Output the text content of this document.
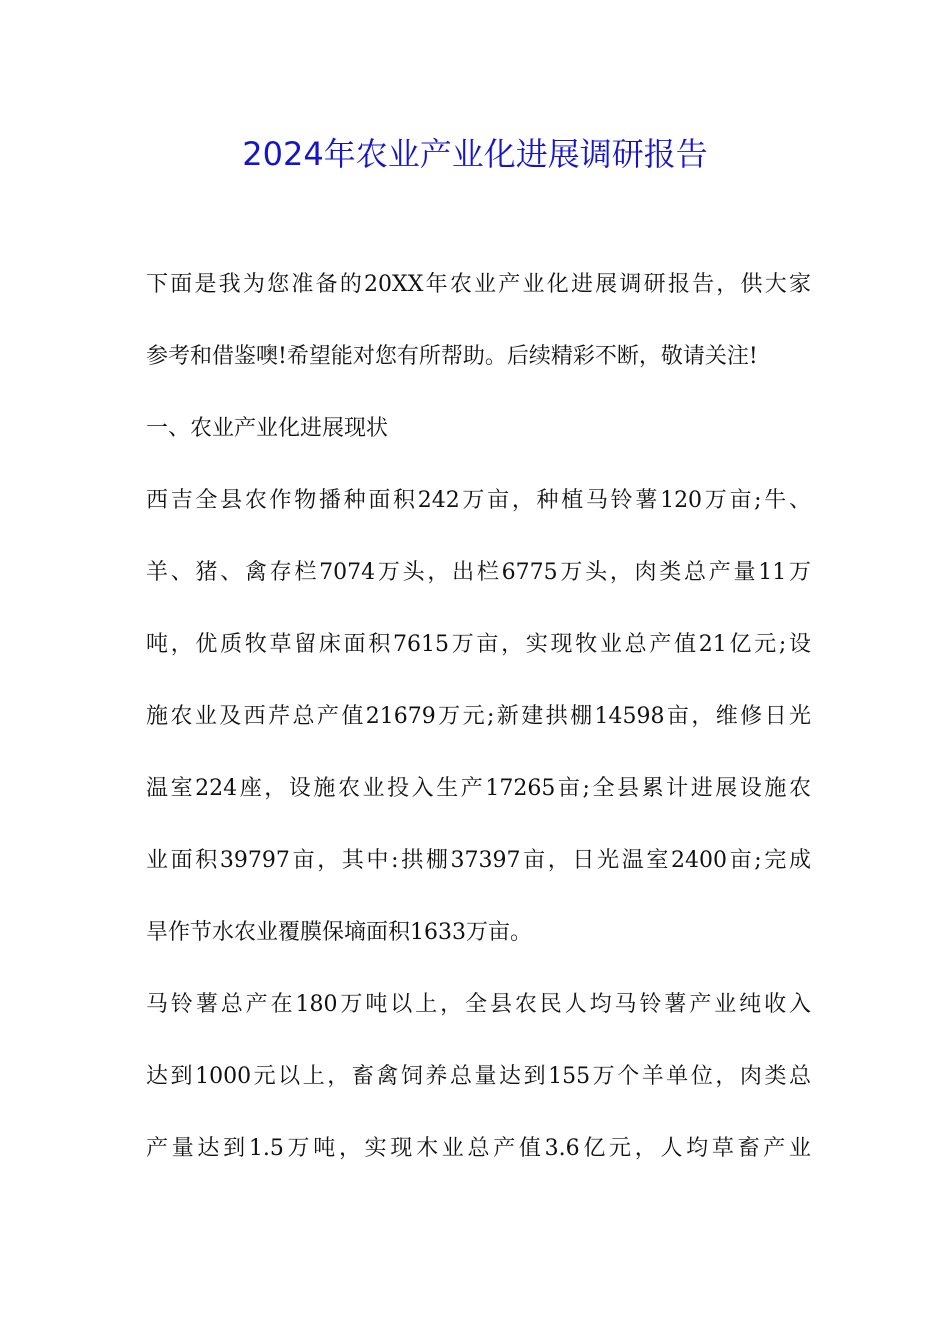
2024年农业产业化进展调研报告
下面是我为您准备的20XX年农业产业化进展调研报告，供大家
参考和借鉴噢!希望能对您有所帮助。后续精彩不断，敬请关注!
一、农业产业化进展现状
西吉全县农作物播种面积242万亩，种植马铃薯120万亩;牛、
羊、猪、禽存栏7074万头，出栏6775万头，肉类总产量11万
吨，优质牧草留床面积7615万亩，实现牧业总产值21亿元;设
施农业及西芹总产值21679万元;新建拱棚14598亩，维修日光
温室224座，设施农业投入生产17265亩;全县累计进展设施农
业面积39797亩，其中:拱棚37397亩，日光温室2400亩;完成
旱作节水农业覆膜保墒面积1633万亩。
马铃薯总产在180万吨以上，全县农民人均马铃薯产业纯收入
达到1000元以上，畜禽饲养总量达到155万个羊单位，肉类总
产量达到1.5万吨，实现木业总产值3.6亿元，人均草畜产业
